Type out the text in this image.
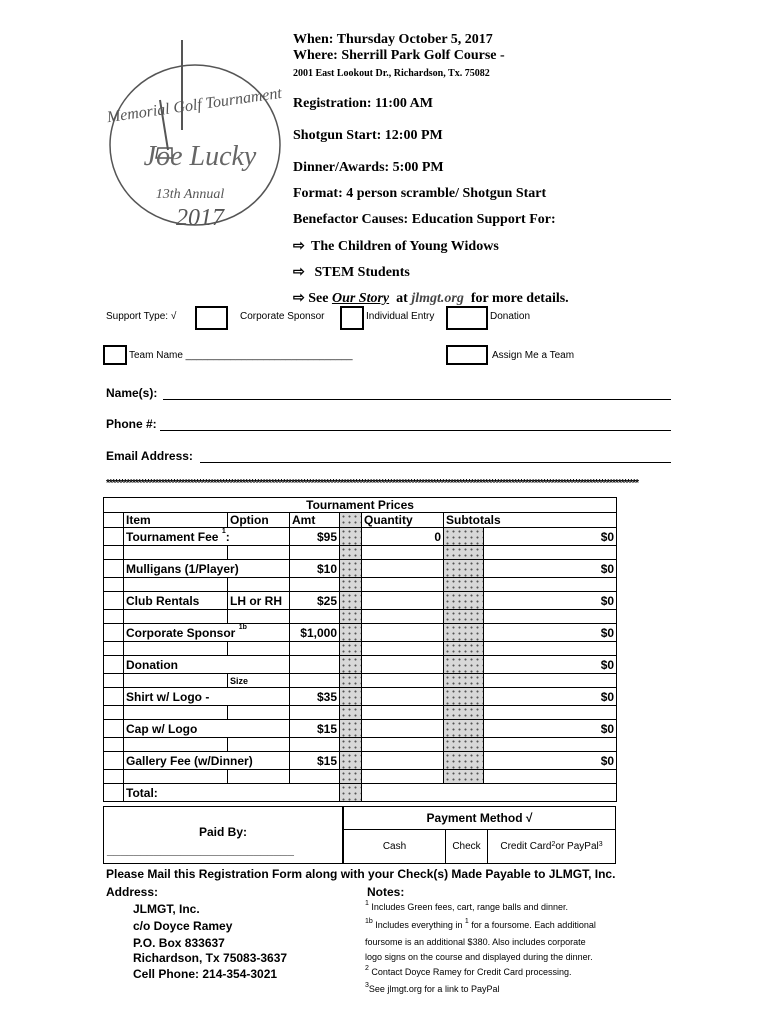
Memorial Golf Tournament
Joe Lucky
13th Annual
2017
When: Thursday October 5, 2017
Where: Sherrill Park Golf Course -
2001 East Lookout Dr., Richardson, Tx. 75082
Registration: 11:00 AM
Shotgun Start: 12:00 PM
Dinner/Awards: 5:00 PM
Format: 4 person scramble/ Shotgun Start
Benefactor Causes: Education Support For:
⇨ The Children of Young Widows
⇨ STEM Students
⇨ See Our Story at jlmgt.org for more details.
Support Type: √	Corporate Sponsor	Individual Entry	Donation
Team Name ______________________________	Assign Me a Team
Name(s):
Phone #:
Email Address:
****************************************************************************************************************************************************************************************
Tournament Prices							
	Item	Option	Amt		Quantity	Subtotals	
	Tournament Fee $^1$:		$95		0		$0

	Mulligans (1/Player)		$10				$0

	Club Rentals	LH or RH	$25				$0

	Corporate Sponsor $^{1b}$		$1,000				$0

	Donation						$0
		Size					
	Shirt w/ Logo -		$35				$0

	Cap w/ Logo		$15				$0

	Gallery Fee (w/Dinner)		$15				$0

	Total:						
Paid By:
____________________________
Payment Method √
Cash	Check	Credit Card$^2$ or PayPal$^3$
Please Mail this Registration Form along with your Check(s) Made Payable to JLMGT, Inc.
Address:
JLMGT, Inc.
c/o Doyce Ramey
P.O. Box 833637
Richardson, Tx 75083-3637
Cell Phone: 214-354-3021
Notes:
$^1$ Includes Green fees, cart, range balls and dinner.
$^{1b}$ Includes everything in $^1$ for a foursome. Each additional
foursome is an additional $380. Also includes corporate
logo signs on the course and displayed during the dinner.
$^2$ Contact Doyce Ramey for Credit Card processing.
$^3$See jlmgt.org for a link to PayPal
